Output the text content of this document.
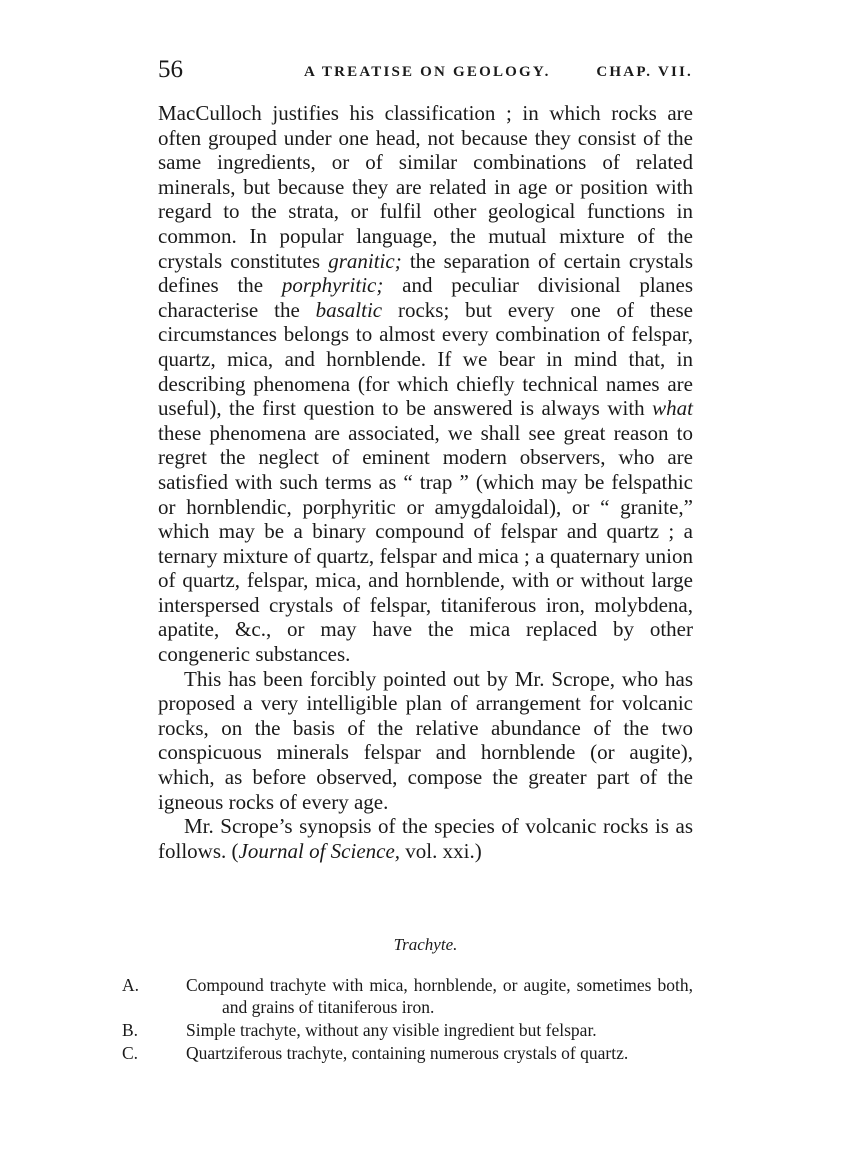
56	A TREATISE ON GEOLOGY.	CHAP. VII.

MacCulloch justifies his classification ; in which rocks are often grouped under one head, not because they consist of the same ingredients, or of similar combinations of related minerals, but because they are related in age or position with regard to the strata, or fulfil other geological functions in common. In popular language, the mutual mixture of the crystals constitutes granitic; the separation of certain crystals defines the porphyritic; and peculiar divisional planes characterise the basaltic rocks; but every one of these circumstances belongs to almost every combination of felspar, quartz, mica, and hornblende. If we bear in mind that, in describing phenomena (for which chiefly technical names are useful), the first question to be answered is always with what these phenomena are associated, we shall see great reason to regret the neglect of eminent modern observers, who are satisfied with such terms as “ trap ” (which may be felspathic or hornblendic, porphyritic or amygdaloidal), or “ granite,” which may be a binary compound of felspar and quartz ; a ternary mixture of quartz, felspar and mica ; a quaternary union of quartz, felspar, mica, and hornblende, with or without large interspersed crystals of felspar, titaniferous iron, molybdena, apatite, &c., or may have the mica replaced by other congeneric substances.

This has been forcibly pointed out by Mr. Scrope, who has proposed a very intelligible plan of arrangement for volcanic rocks, on the basis of the relative abundance of the two conspicuous minerals felspar and hornblende (or augite), which, as before observed, compose the greater part of the igneous rocks of every age.

Mr. Scrope’s synopsis of the species of volcanic rocks is as follows. (Journal of Science, vol. xxi.)

Trachyte.
A.	Compound trachyte with mica, hornblende, or augite, sometimes both, and grains of titaniferous iron.
B.	Simple trachyte, without any visible ingredient but felspar.
C.	Quartziferous trachyte, containing numerous crystals of quartz.
